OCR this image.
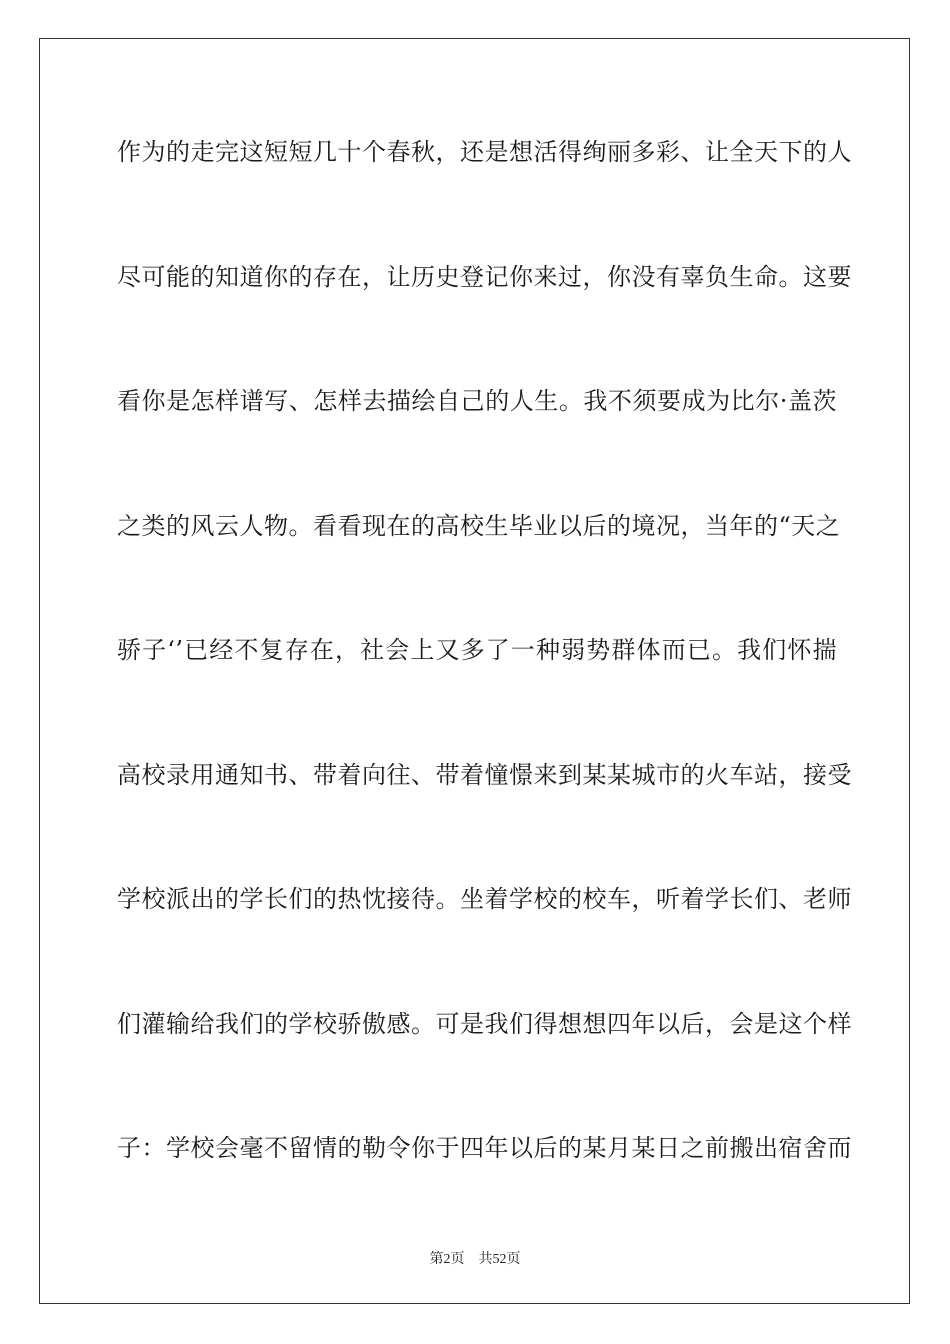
作为的走完这短短几十个春秋，还是想活得绚丽多彩、让全天下的人
尽可能的知道你的存在，让历史登记你来过，你没有辜负生命。这要
看你是怎样谱写、怎样去描绘自己的人生。我不须要成为比尔·盖茨
之类的风云人物。看看现在的高校生毕业以后的境况，当年的“天之
骄子‘’已经不复存在，社会上又多了一种弱势群体而已。我们怀揣
高校录用通知书、带着向往、带着憧憬来到某某城市的火车站，接受
学校派出的学长们的热忱接待。坐着学校的校车，听着学长们、老师
们灌输给我们的学校骄傲感。可是我们得想想四年以后，会是这个样
子：学校会毫不留情的勒令你于四年以后的某月某日之前搬出宿舍而
第2页 共52页
